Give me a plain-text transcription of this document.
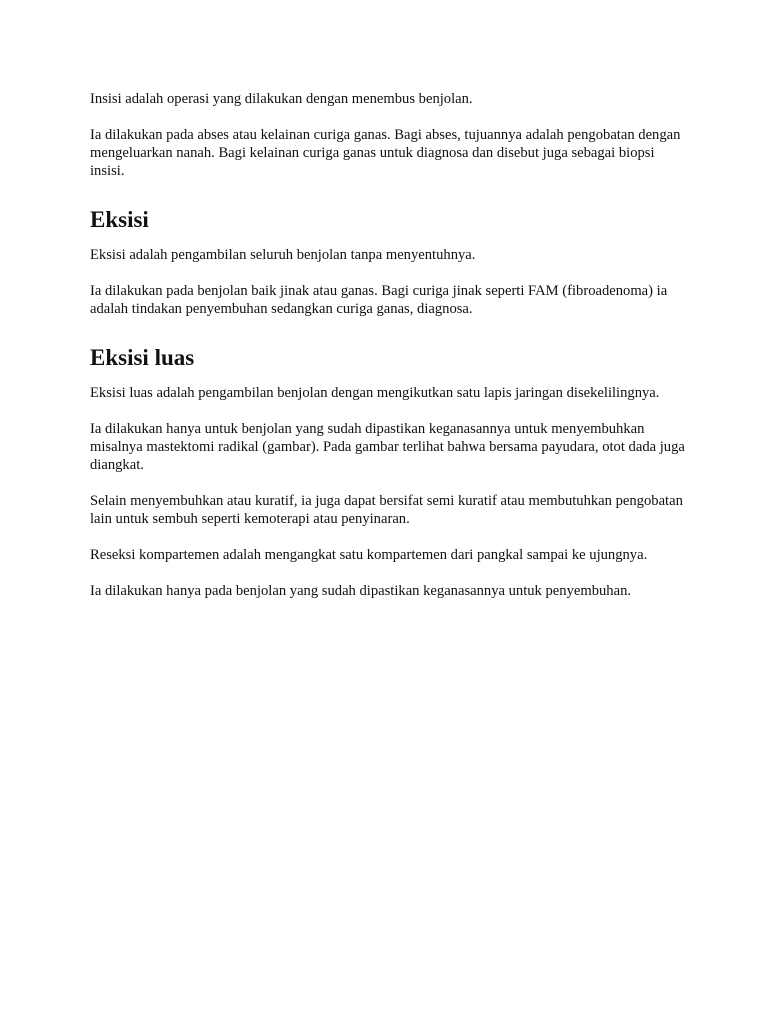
Insisi adalah operasi yang dilakukan dengan menembus benjolan.

Ia dilakukan pada abses atau kelainan curiga ganas. Bagi abses, tujuannya adalah pengobatan dengan mengeluarkan nanah. Bagi kelainan curiga ganas untuk diagnosa dan disebut juga sebagai biopsi insisi.

Eksisi

Eksisi adalah pengambilan seluruh benjolan tanpa menyentuhnya.

Ia dilakukan pada benjolan baik jinak atau ganas. Bagi curiga jinak seperti FAM (fibroadenoma) ia adalah tindakan penyembuhan sedangkan curiga ganas, diagnosa.

Eksisi luas

Eksisi luas adalah pengambilan benjolan dengan mengikutkan satu lapis jaringan disekelilingnya.

Ia dilakukan hanya untuk benjolan yang sudah dipastikan keganasannya untuk menyembuhkan misalnya mastektomi radikal (gambar). Pada gambar terlihat bahwa bersama payudara, otot dada juga diangkat.

Selain menyembuhkan atau kuratif, ia juga dapat bersifat semi kuratif atau membutuhkan pengobatan lain untuk sembuh seperti kemoterapi atau penyinaran.

Reseksi kompartemen adalah mengangkat satu kompartemen dari pangkal sampai ke ujungnya.

Ia dilakukan hanya pada benjolan yang sudah dipastikan keganasannya untuk penyembuhan.
